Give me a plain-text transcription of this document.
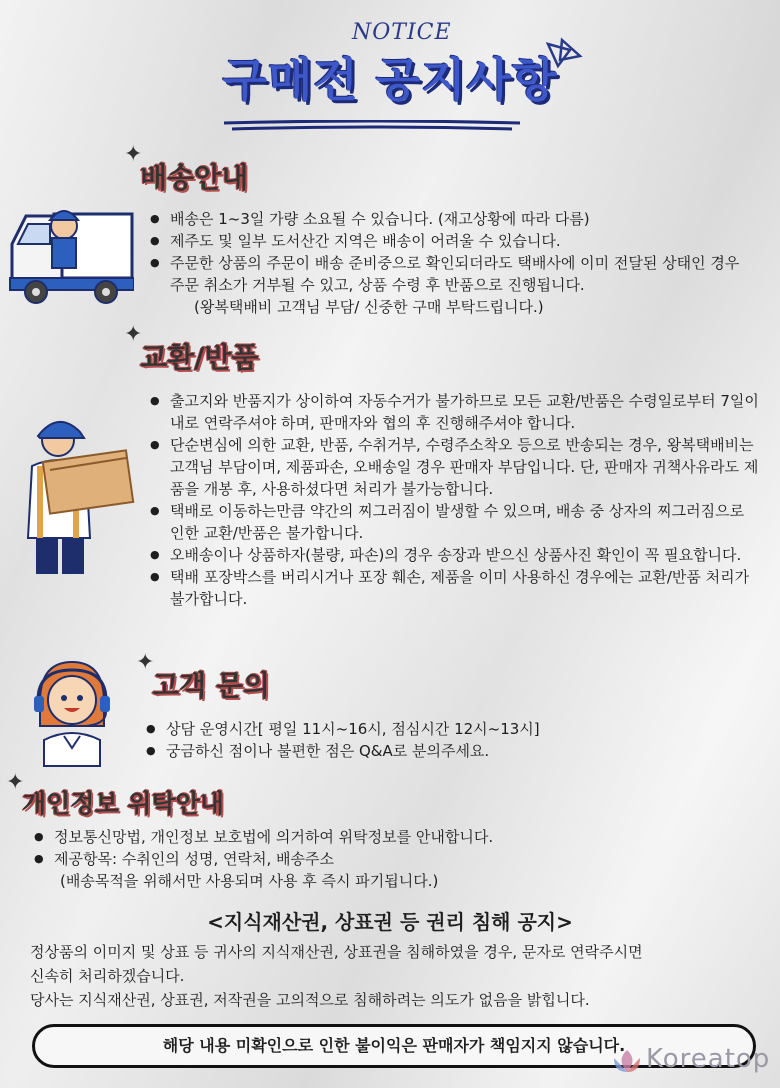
NOTICE
구매전 공지사항
✦
배송안내
● 배송은 1~3일 가량 소요될 수 있습니다. (재고상황에 따라 다름)
● 제주도 및 일부 도서산간 지역은 배송이 어려울 수 있습니다.
● 주문한 상품의 주문이 배송 준비중으로 확인되더라도 택배사에 이미 전달된 상태인 경우 주문 취소가 거부될 수 있고, 상품 수령 후 반품으로 진행됩니다.
(왕복택배비 고객님 부담/ 신중한 구매 부탁드립니다.)
✦
교환/반품
● 출고지와 반품지가 상이하여 자동수거가 불가하므로 모든 교환/반품은 수령일로부터 7일이내로 연락주셔야 하며, 판매자와 협의 후 진행해주셔야 합니다.
● 단순변심에 의한 교환, 반품, 수취거부, 수령주소착오 등으로 반송되는 경우, 왕복택배비는 고객님 부담이며, 제품파손, 오배송일 경우 판매자 부담입니다. 단, 판매자 귀책사유라도 제품을 개봉 후, 사용하셨다면 처리가 불가능합니다.
● 택배로 이동하는만큼 약간의 찌그러짐이 발생할 수 있으며, 배송 중 상자의 찌그러짐으로 인한 교환/반품은 불가합니다.
● 오배송이나 상품하자(불량, 파손)의 경우 송장과 받으신 상품사진 확인이 꼭 필요합니다.
● 택배 포장박스를 버리시거나 포장 훼손, 제품을 이미 사용하신 경우에는 교환/반품 처리가 불가합니다.
✦
고객 문의
● 상담 운영시간[ 평일 11시~16시, 점심시간 12시~13시]
● 궁금하신 점이나 불편한 점은 Q&A로 분의주세요.
✦
개인정보 위탁안내
● 정보통신망법, 개인정보 보호법에 의거하여 위탁정보를 안내합니다.
● 제공항목: 수취인의 성명, 연락처, 배송주소
(배송목적을 위해서만 사용되며 사용 후 즉시 파기됩니다.)
<지식재산권, 상표권 등 권리 침해 공지>
정상품의 이미지 및 상표 등 귀사의 지식재산권, 상표권을 침해하였을 경우, 문자로 연락주시면
신속히 처리하겠습니다.
당사는 지식재산권, 상표권, 저작권을 고의적으로 침해하려는 의도가 없음을 밝힙니다.
해당 내용 미확인으로 인한 불이익은 판매자가 책임지지 않습니다. Koreatop
